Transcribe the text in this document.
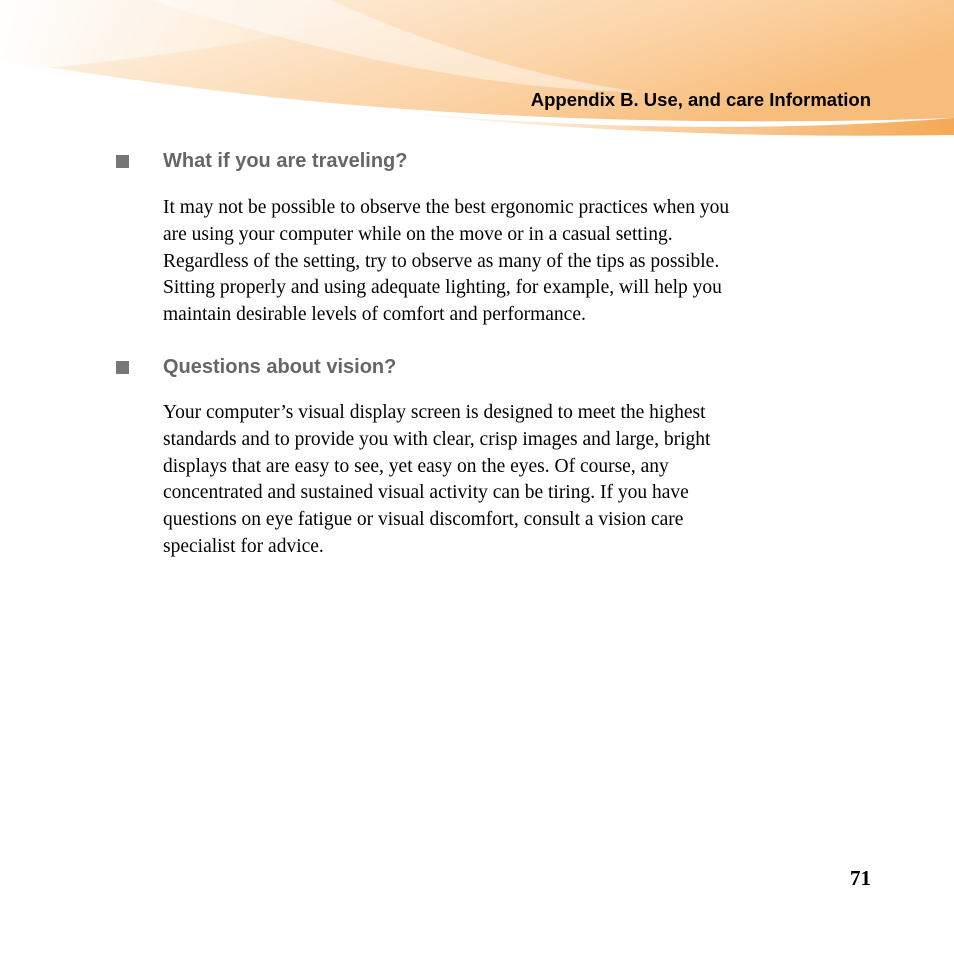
Appendix B. Use, and care Information
What if you are traveling?
It may not be possible to observe the best ergonomic practices when you
are using your computer while on the move or in a casual setting.
Regardless of the setting, try to observe as many of the tips as possible.
Sitting properly and using adequate lighting, for example, will help you
maintain desirable levels of comfort and performance.
Questions about vision?
Your computer’s visual display screen is designed to meet the highest
standards and to provide you with clear, crisp images and large, bright
displays that are easy to see, yet easy on the eyes. Of course, any
concentrated and sustained visual activity can be tiring. If you have
questions on eye fatigue or visual discomfort, consult a vision care
specialist for advice.
71
